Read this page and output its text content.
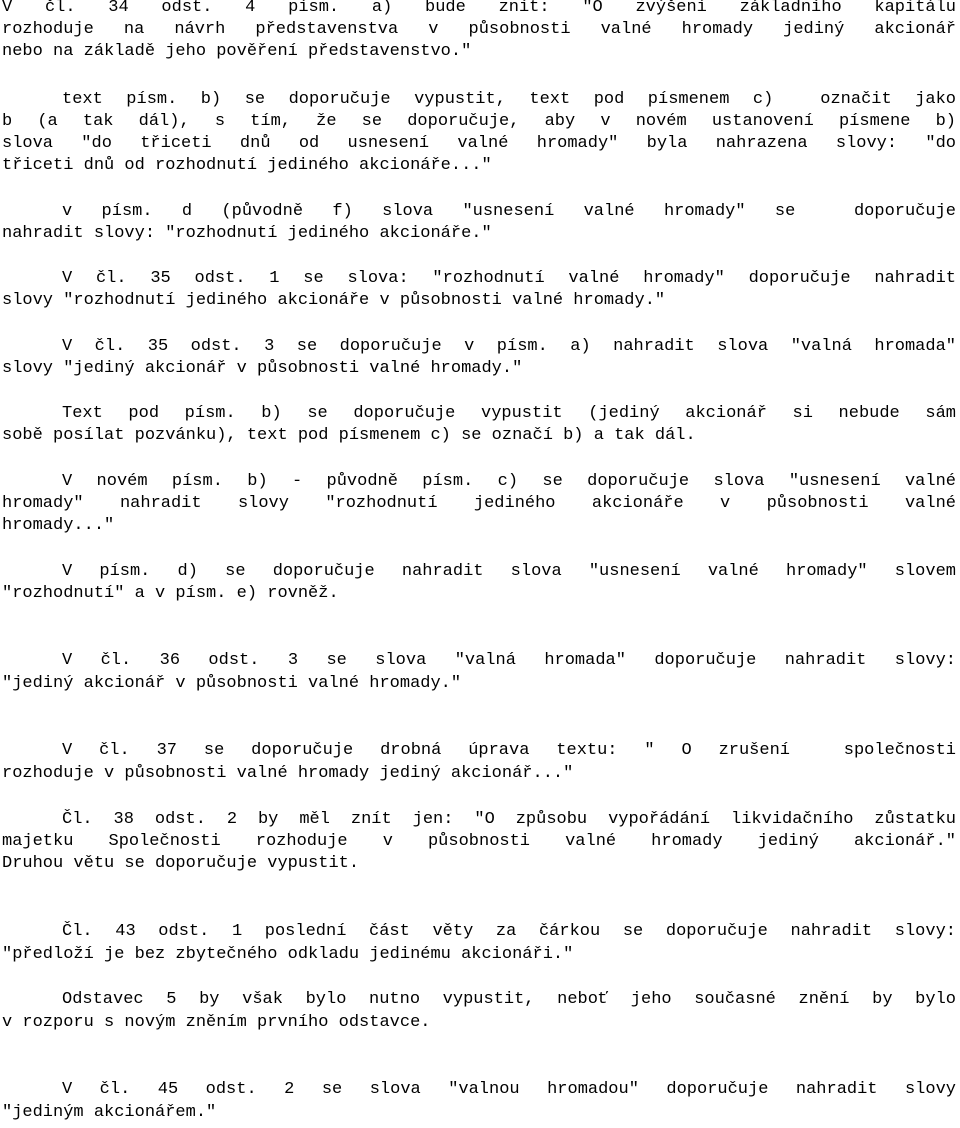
V čl. 34 odst. 4 písm. a) bude znít: "O zvýšení základního kapitálu
rozhoduje na návrh představenstva v působnosti valné hromady jediný akcionář
nebo na základě jeho pověření představenstvo."
text písm. b) se doporučuje vypustit, text pod písmenem c)  označit jako
b (a tak dál), s tím, že se doporučuje, aby v novém ustanovení písmene b)
slova "do třiceti dnů od usnesení valné hromady" byla nahrazena slovy: "do
třiceti dnů od rozhodnutí jediného akcionáře..."
v písm. d (původně f) slova "usnesení valné hromady" se  doporučuje
nahradit slovy: "rozhodnutí jediného akcionáře."
V čl. 35 odst. 1 se slova: "rozhodnutí valné hromady" doporučuje nahradit
slovy "rozhodnutí jediného akcionáře v působnosti valné hromady."
V čl. 35 odst. 3 se doporučuje v písm. a) nahradit slova "valná hromada"
slovy "jediný akcionář v působnosti valné hromady."
Text pod písm. b) se doporučuje vypustit (jediný akcionář si nebude sám
sobě posílat pozvánku), text pod písmenem c) se označí b) a tak dál.
V novém písm. b) - původně písm. c) se doporučuje slova "usnesení valné
hromady" nahradit slovy "rozhodnutí jediného akcionáře v působnosti valné
hromady..."
V písm. d) se doporučuje nahradit slova "usnesení valné hromady" slovem
"rozhodnutí" a v písm. e) rovněž.
V čl. 36 odst. 3 se slova "valná hromada" doporučuje nahradit slovy:
"jediný akcionář v působnosti valné hromady."
V čl. 37 se doporučuje drobná úprava textu: " O zrušení  společnosti
rozhoduje v působnosti valné hromady jediný akcionář..."
Čl. 38 odst. 2 by měl znít jen: "O způsobu vypořádání likvidačního zůstatku
majetku Společnosti rozhoduje v působnosti valné hromady jediný akcionář."
Druhou větu se doporučuje vypustit.
Čl. 43 odst. 1 poslední část věty za čárkou se doporučuje nahradit slovy:
"předloží je bez zbytečného odkladu jedinému akcionáři."
Odstavec 5 by však bylo nutno vypustit, neboť jeho současné znění by bylo
v rozporu s novým zněním prvního odstavce.
V čl. 45 odst. 2 se slova "valnou hromadou" doporučuje nahradit slovy
"jediným akcionářem."
